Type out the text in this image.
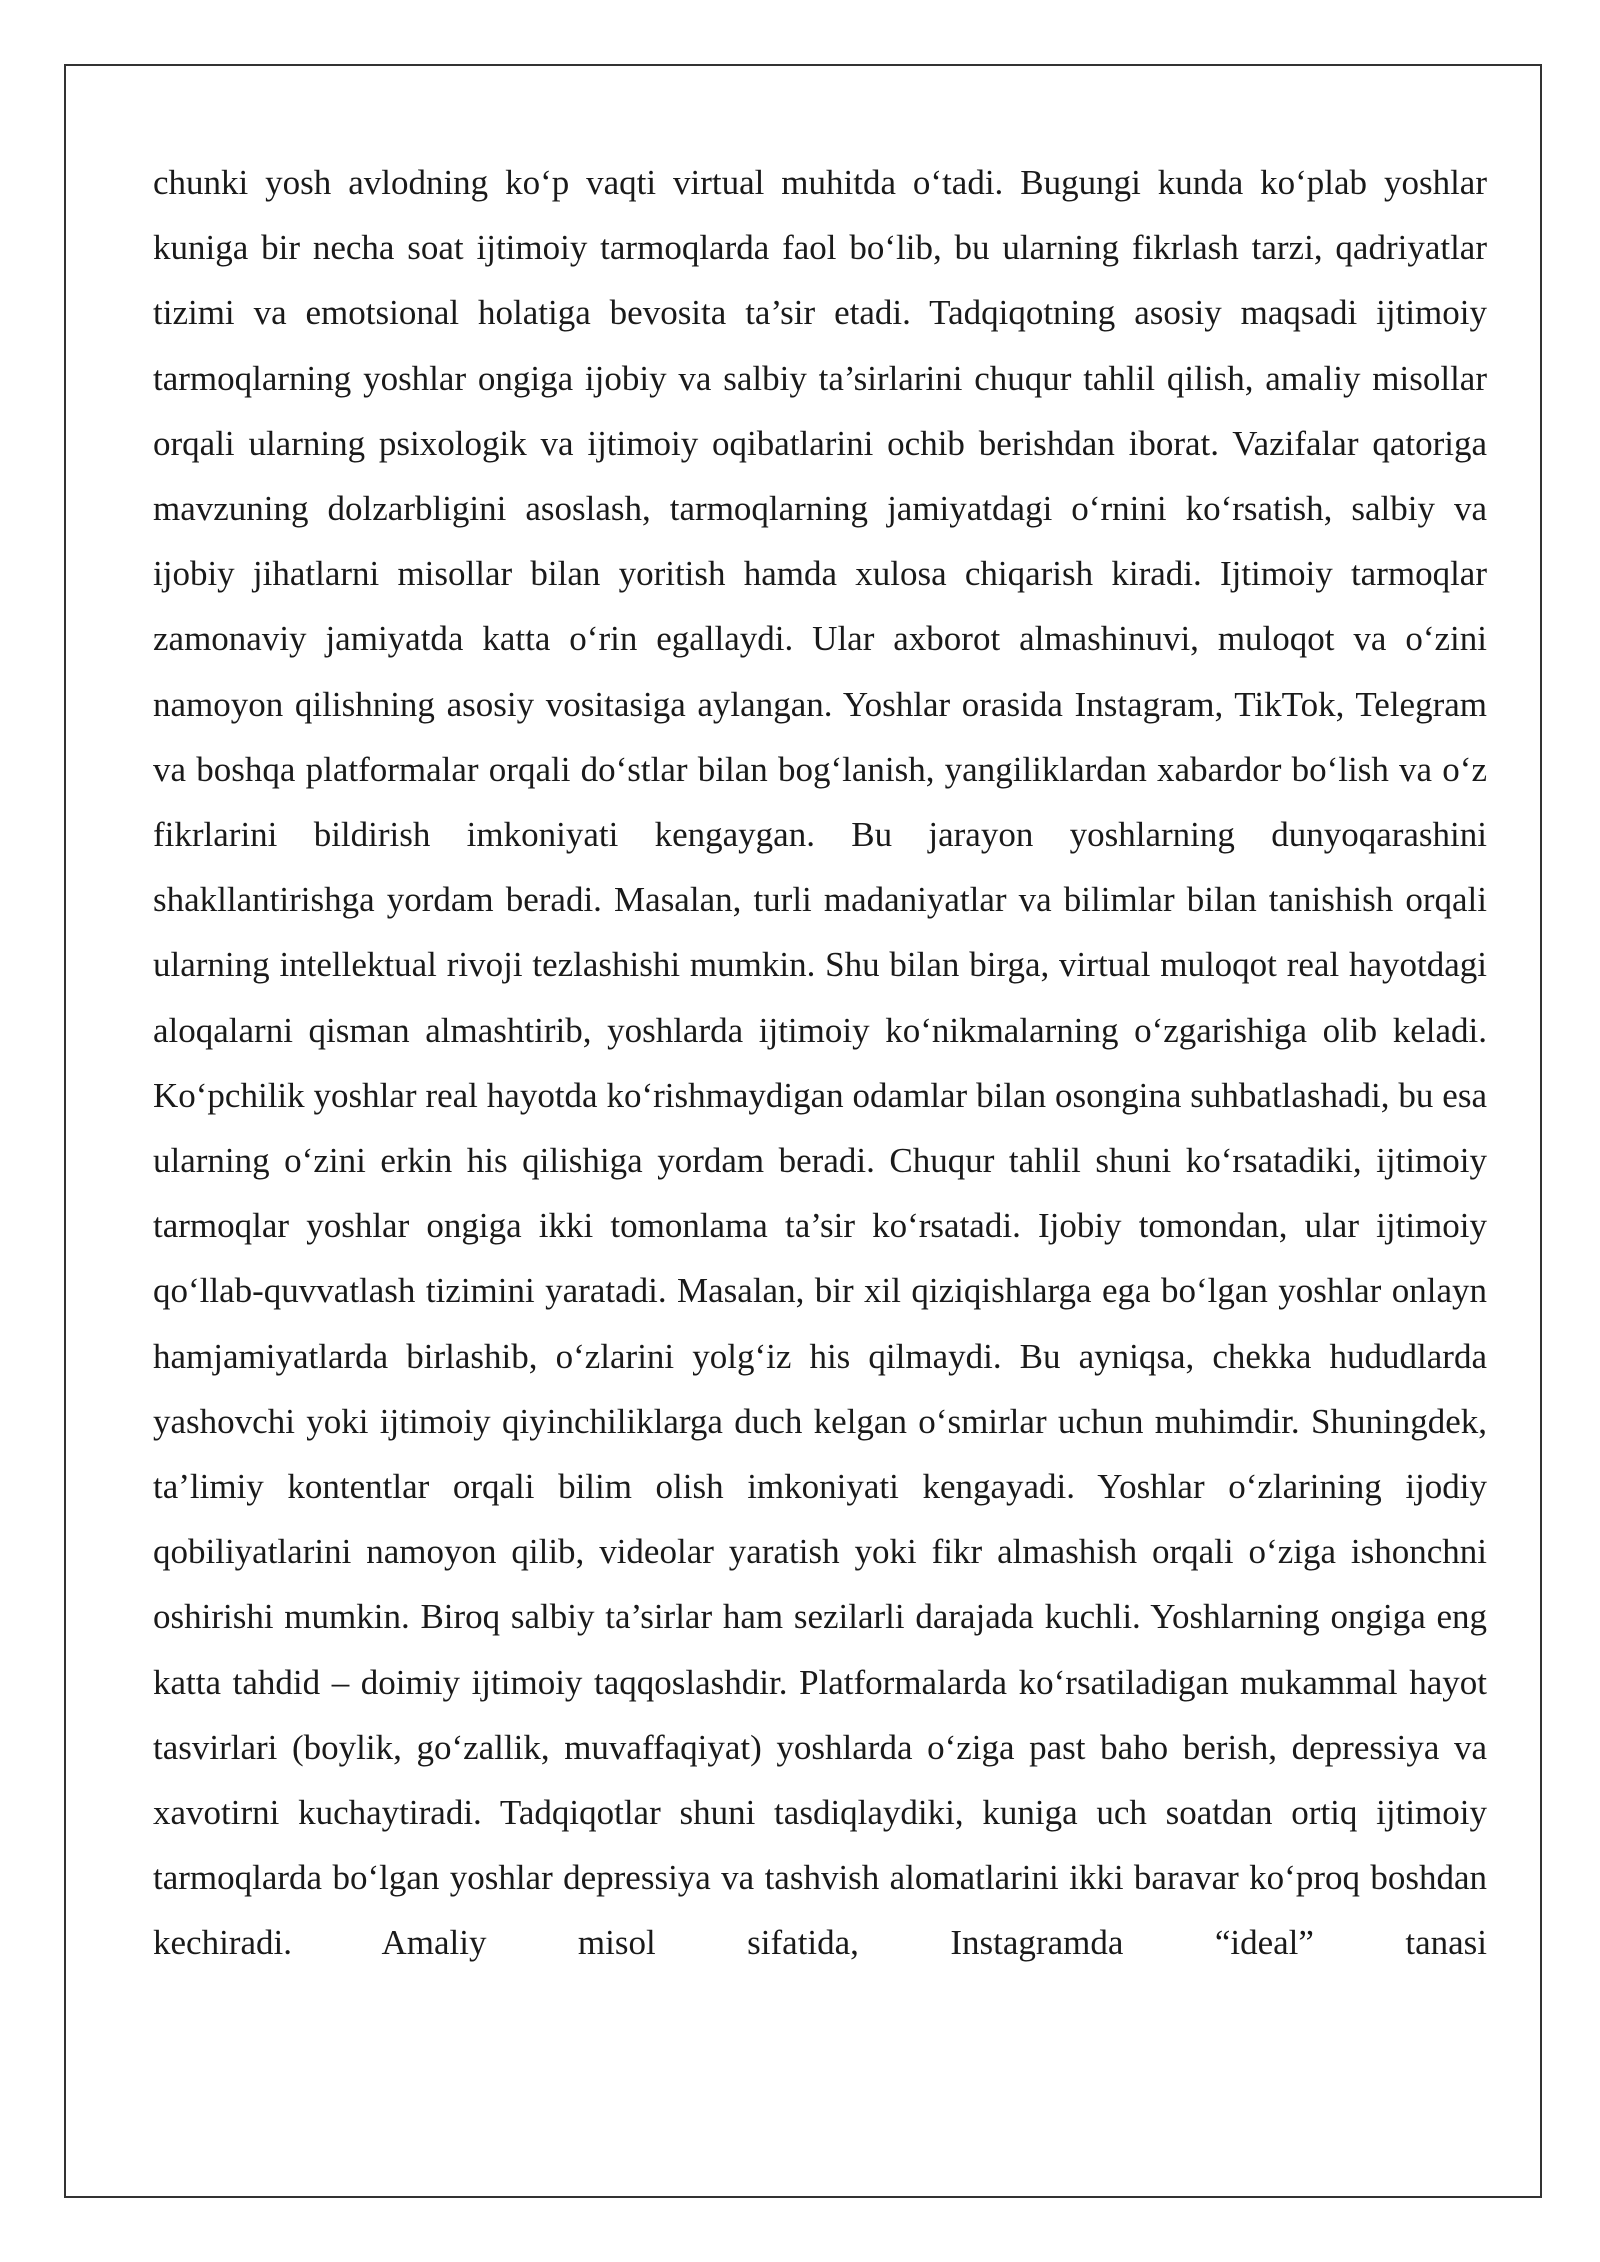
chunki yosh avlodning ko‘p vaqti virtual muhitda o‘tadi. Bugungi kunda ko‘plab yoshlar kuniga bir necha soat ijtimoiy tarmoqlarda faol bo‘lib, bu ularning fikrlash tarzi, qadriyatlar tizimi va emotsional holatiga bevosita ta’sir etadi. Tadqiqotning asosiy maqsadi ijtimoiy tarmoqlarning yoshlar ongiga ijobiy va salbiy ta’sirlarini chuqur tahlil qilish, amaliy misollar orqali ularning psixologik va ijtimoiy oqibatlarini ochib berishdan iborat. Vazifalar qatoriga mavzuning dolzarbligini asoslash, tarmoqlarning jamiyatdagi o‘rnini ko‘rsatish, salbiy va ijobiy jihatlarni misollar bilan yoritish hamda xulosa chiqarish kiradi. Ijtimoiy tarmoqlar zamonaviy jamiyatda katta o‘rin egallaydi. Ular axborot almashinuvi, muloqot va o‘zini namoyon qilishning asosiy vositasiga aylangan. Yoshlar orasida Instagram, TikTok, Telegram va boshqa platformalar orqali do‘stlar bilan bog‘lanish, yangiliklardan xabardor bo‘lish va o‘z fikrlarini bildirish imkoniyati kengaygan. Bu jarayon yoshlarning dunyoqarashini shakllantirishga yordam beradi. Masalan, turli madaniyatlar va bilimlar bilan tanishish orqali ularning intellektual rivoji tezlashishi mumkin. Shu bilan birga, virtual muloqot real hayotdagi aloqalarni qisman almashtirib, yoshlarda ijtimoiy ko‘nikmalarning o‘zgarishiga olib keladi. Ko‘pchilik yoshlar real hayotda ko‘rishmaydigan odamlar bilan osongina suhbatlashadi, bu esa ularning o‘zini erkin his qilishiga yordam beradi. Chuqur tahlil shuni ko‘rsatadiki, ijtimoiy tarmoqlar yoshlar ongiga ikki tomonlama ta’sir ko‘rsatadi. Ijobiy tomondan, ular ijtimoiy qo‘llab-quvvatlash tizimini yaratadi. Masalan, bir xil qiziqishlarga ega bo‘lgan yoshlar onlayn hamjamiyatlarda birlashib, o‘zlarini yolg‘iz his qilmaydi. Bu ayniqsa, chekka hududlarda yashovchi yoki ijtimoiy qiyinchiliklarga duch kelgan o‘smirlar uchun muhimdir. Shuningdek, ta’limiy kontentlar orqali bilim olish imkoniyati kengayadi. Yoshlar o‘zlarining ijodiy qobiliyatlarini namoyon qilib, videolar yaratish yoki fikr almashish orqali o‘ziga ishonchni oshirishi mumkin. Biroq salbiy ta’sirlar ham sezilarli darajada kuchli. Yoshlarning ongiga eng katta tahdid – doimiy ijtimoiy taqqoslashdir. Platformalarda ko‘rsatiladigan mukammal hayot tasvirlari (boylik, go‘zallik, muvaffaqiyat) yoshlarda o‘ziga past baho berish, depressiya va xavotirni kuchaytiradi. Tadqiqotlar shuni tasdiqlaydiki, kuniga uch soatdan ortiq ijtimoiy tarmoqlarda bo‘lgan yoshlar depressiya va tashvish alomatlarini ikki baravar ko‘proq boshdan kechiradi. Amaliy misol sifatida, Instagramda “ideal” tanasi
